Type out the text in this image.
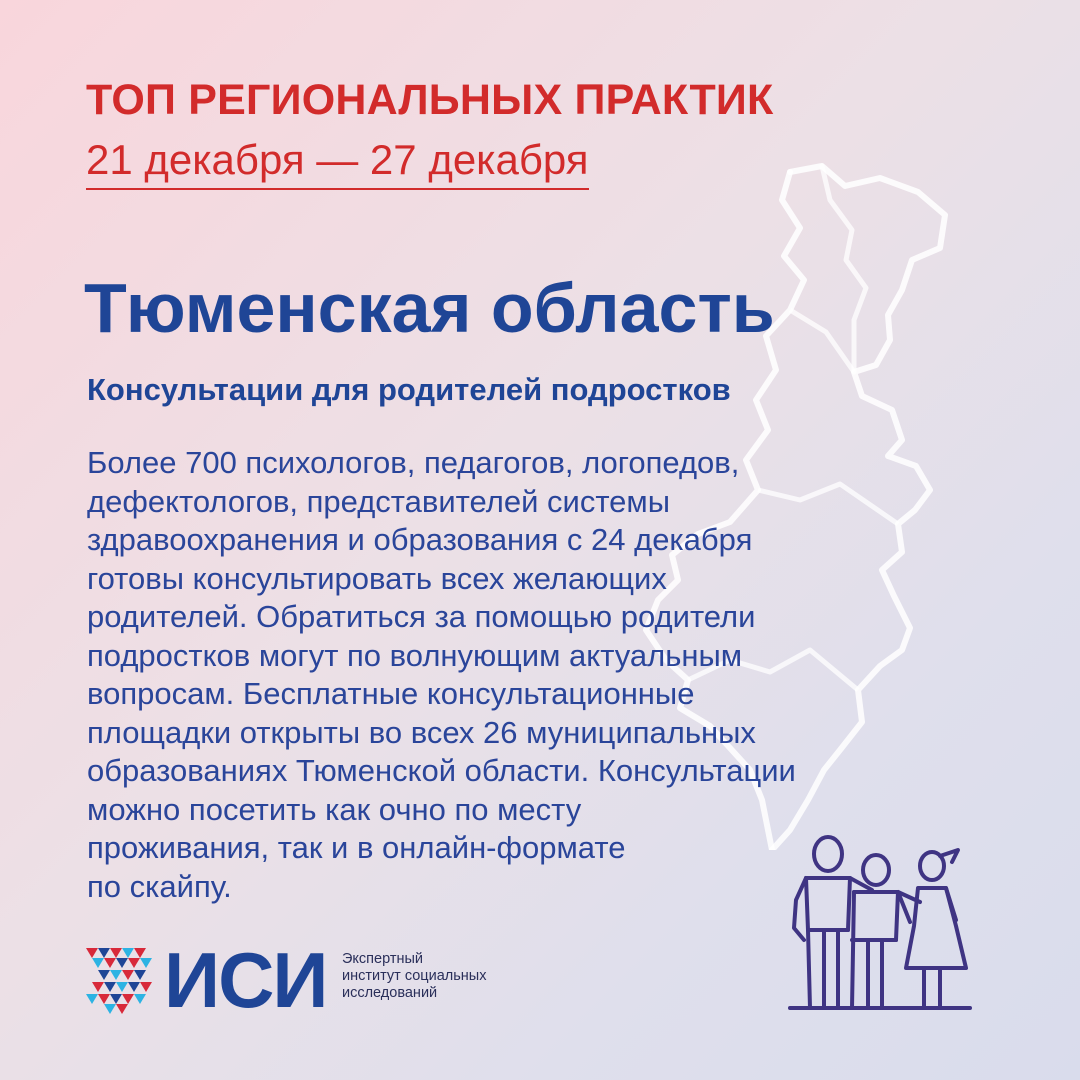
ТОП РЕГИОНАЛЬНЫХ ПРАКТИК
21 декабря — 27 декабря
Тюменская область
Консультации для родителей подростков
Более 700 психологов, педагогов, логопедов,
дефектологов, представителей системы
здравоохранения и образования с 24 декабря
готовы консультировать всех желающих
родителей. Обратиться за помощью родители
подростков могут по волнующим актуальным
вопросам. Бесплатные консультационные
площадки открыты во всех 26 муниципальных
образованиях Тюменской области. Консультации
можно посетить как очно по месту
проживания, так и в онлайн-формате
по скайпу.
ИСИ Экспертный
институт социальных
исследований
